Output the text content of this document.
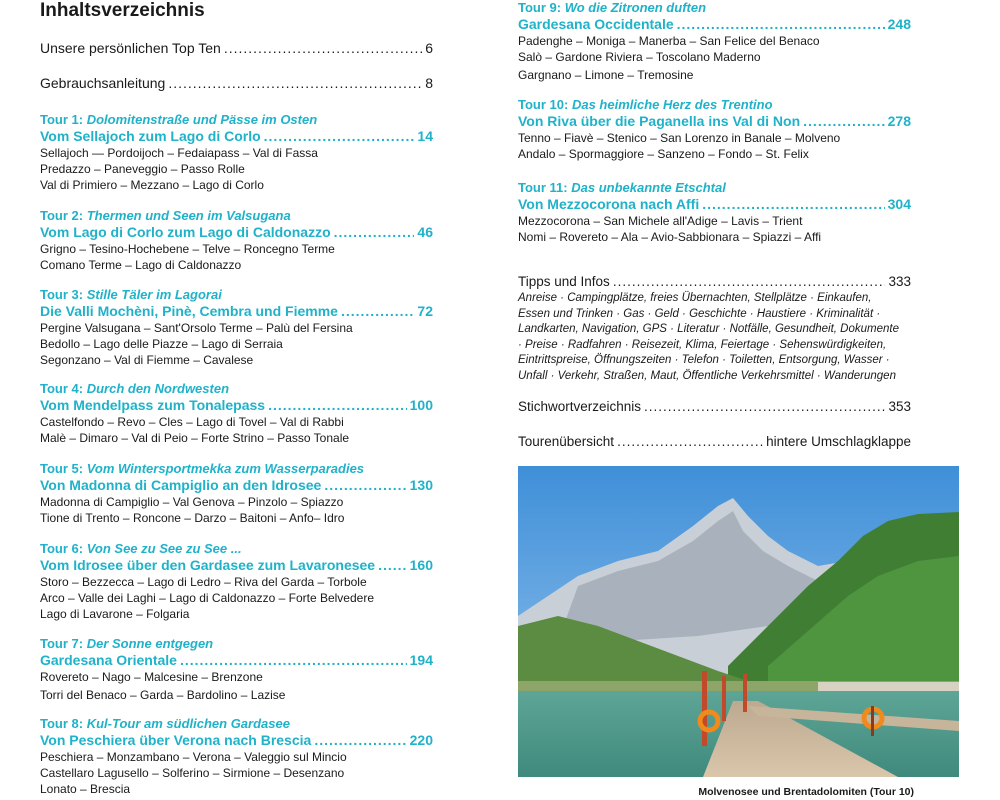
Inhaltsverzeichnis
Unsere persönlichen Top Ten .....	6
Gebrauchsanleitung .....	8
Tour 1: Dolomitenstraße und Pässe im Osten
Vom Sellajoch zum Lago di Corlo .....	14
Sellajoch — Pordoijoch – Fedaiapass – Val di Fassa
Predazzo – Paneveggio – Passo Rolle
Val di Primiero – Mezzano – Lago di Corlo
Tour 2: Thermen und Seen im Valsugana
Vom Lago di Corlo zum Lago di Caldonazzo .....	46
Grigno – Tesino-Hochebene – Telve – Roncegno Terme
Comano Terme – Lago di Caldonazzo
Tour 3: Stille Täler im Lagorai
Die Valli Mochèni, Pinè, Cembra und Fiemme .....	72
Pergine Valsugana – Sant'Orsolo Terme – Palù del Fersina
Bedollo – Lago delle Piazze – Lago di Serraia
Segonzano – Val di Fiemme – Cavalese
Tour 4: Durch den Nordwesten
Vom Mendelpass zum Tonalepass .....	100
Castelfondo – Revo – Cles – Lago di Tovel – Val di Rabbi
Malè – Dimaro – Val di Peio – Forte Strino – Passo Tonale
Tour 5: Vom Wintersportmekka zum Wasserparadies
Von Madonna di Campiglio an den Idrosee .....	130
Madonna di Campiglio – Val Genova – Pinzolo – Spiazzo
Tione di Trento – Roncone – Darzo – Baitoni – Anfo– Idro
Tour 6: Von See zu See zu See ...
Vom Idrosee über den Gardasee zum Lavaronesee ..... 160
Storo – Bezzecca – Lago di Ledro – Riva del Garda – Torbole
Arco – Valle dei Laghi – Lago di Caldonazzo – Forte Belvedere
Lago di Lavarone – Folgaria
Tour 7: Der Sonne entgegen
Gardesana Orientale .....	194
Rovereto – Nago – Malcesine – Brenzone
Torri del Benaco – Garda – Bardolino – Lazise
Tour 8: Kul-Tour am südlichen Gardasee
Von Peschiera über Verona nach Brescia .....	220
Peschiera – Monzambano – Verona – Valeggio sul Mincio
Castellaro Lagusello – Solferino – Sirmione – Desenzano
Lonato – Brescia
Tour 9: Wo die Zitronen duften
Gardesana Occidentale .....	248
Padenghe – Moniga – Manerba – San Felice del Benaco
Salò – Gardone Riviera – Toscolano Maderno
Gargnano – Limone – Tremosine
Tour 10: Das heimliche Herz des Trentino
Von Riva über die Paganella ins Val di Non .....	278
Tenno – Fiavè – Stenico – San Lorenzo in Banale – Molveno
Andalo – Spormaggiore – Sanzeno – Fondo – St. Felix
Tour 11: Das unbekannte Etschtal
Von Mezzocorona nach Affi .....	304
Mezzocorona – San Michele all'Adige – Lavis – Trient
Nomi – Rovereto – Ala – Avio-Sabbionara – Spiazzi – Affi
Tipps und Infos .....	333
Anreise · Campingplätze, freies Übernachten, Stellplätze · Einkaufen, Essen und Trinken · Gas · Geld · Geschichte · Haustiere · Kriminalität · Landkarten, Navigation, GPS · Literatur · Notfälle, Gesundheit, Dokumente · Preise · Radfahren · Reisezeit, Klima, Feiertage · Sehenswürdigkeiten, Eintrittspreise, Öffnungszeiten · Telefon · Toiletten, Entsorgung, Wasser · Unfall · Verkehr, Straßen, Maut, Öffentliche Verkehrsmittel · Wanderungen
Stichwortverzeichnis .....	353
Tourenübersicht .....	hintere Umschlagklappe
Molvenosee und Brentadolomiten (Tour 10)
